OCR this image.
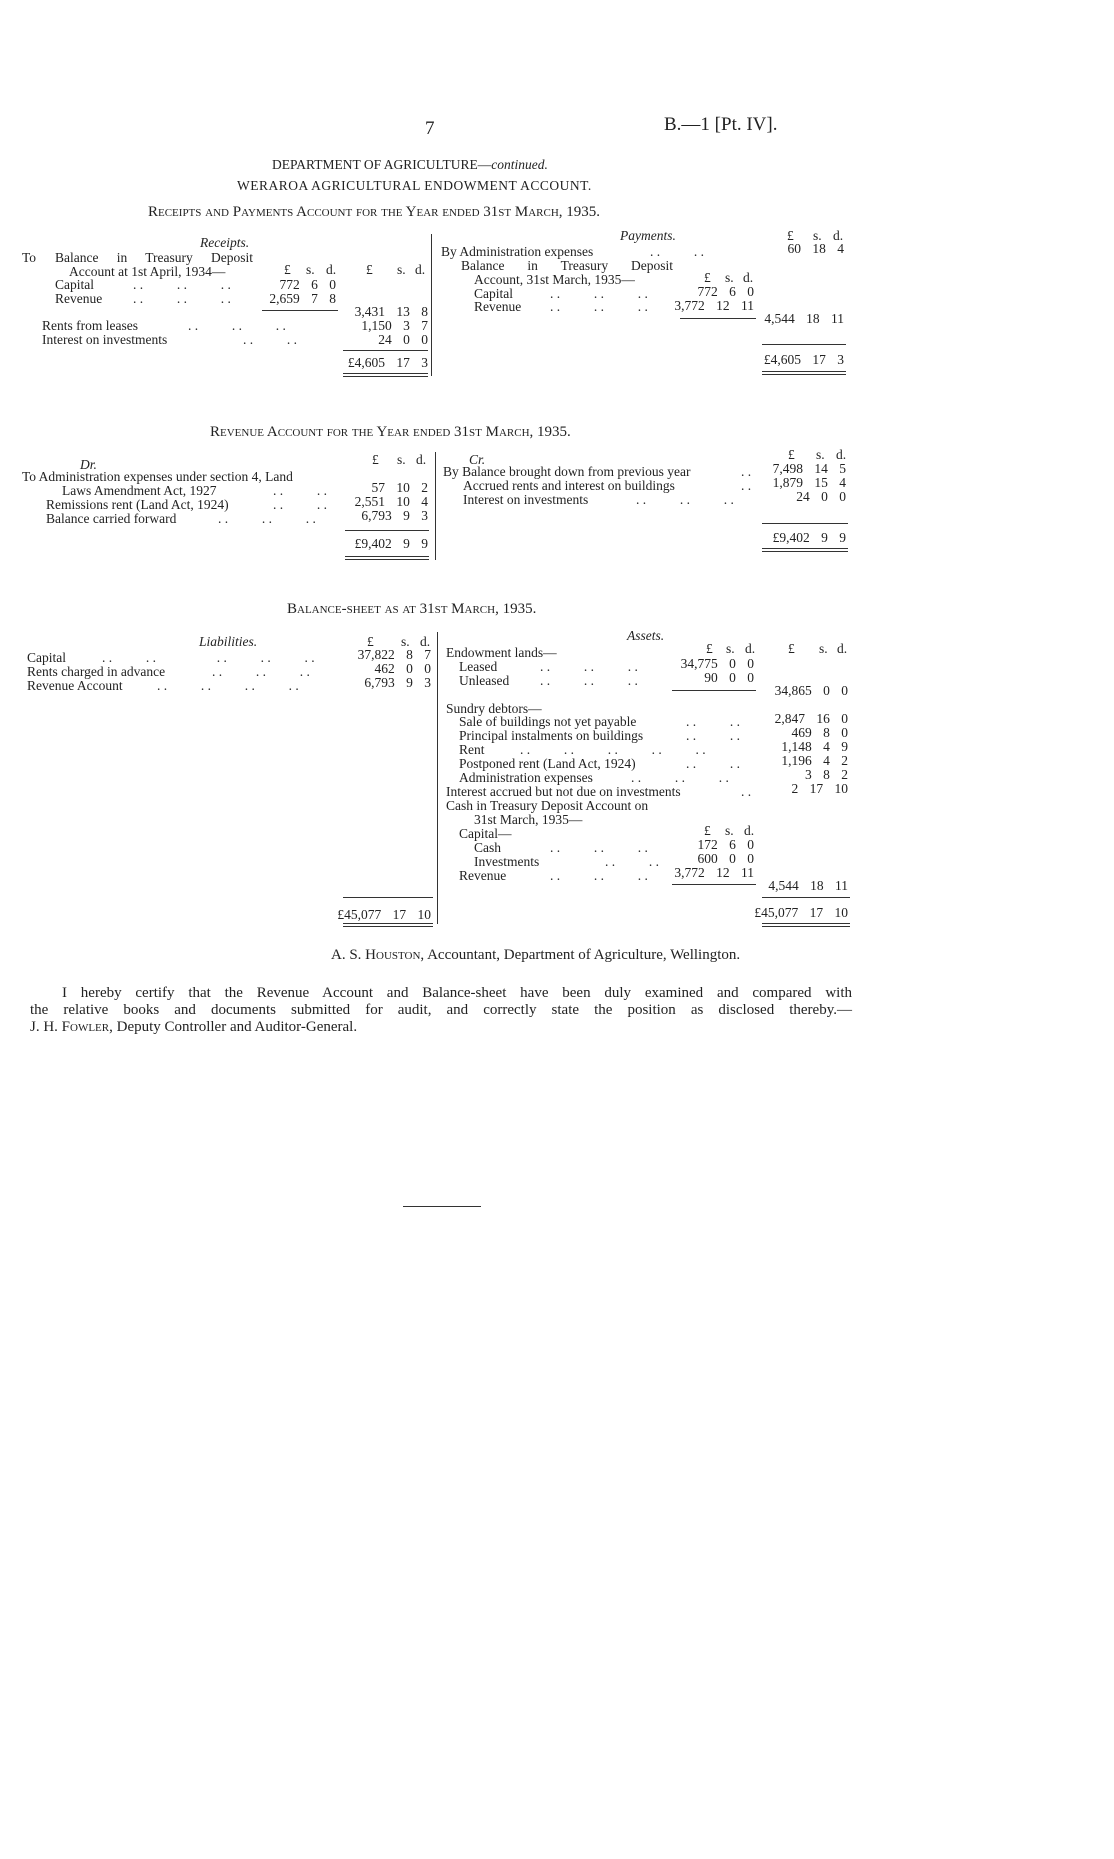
7	B.—1 [Pt. IV].
DEPARTMENT OF AGRICULTURE—continued.
WERAROA AGRICULTURAL ENDOWMENT ACCOUNT.
Receipts and Payments Account for the Year ended 31st March, 1935.
Receipts.
To Balance in Treasury Deposit
Account at 1st April, 1934—	£ s. d. £ s. d.
Capital	. .          . .          . .	772 6 0
Revenue . .          . .          . .	2,659 7 8
3,431 13 8
Rents from leases	. .          . .          . .	1,150 3 7
Interest on investments	. .          . .	24 0 0
£4,605 17 3
Payments.	£ s. d.
By Administration expenses	. .          . .	60 18 4
Balance in Treasury Deposit
Account, 31st March, 1935—	£ s. d.
Capital	. .          . .          . .	772 6 0
Revenue . .          . .          . .	3,772 12 11
4,544 18 11
£4,605 17 3
Revenue Account for the Year ended 31st March, 1935.
Dr.	£ s. d.
To Administration expenses under section 4, Land
Laws Amendment Act, 1927	. .          . .	57 10 2
Remissions rent (Land Act, 1924)	. .          . .	2,551 10 4
Balance carried forward	. .          . .          . .	6,793 9 3
£9,402 9 9
Cr.	£ s. d.
By Balance brought down from previous year	. .	7,498 14 5
Accrued rents and interest on buildings	. .	1,879 15 4
Interest on investments	. .          . .          . .	24 0 0
£9,402 9 9
Balance-sheet as at 31st March, 1935.
Liabilities.	£ s. d.
Capital	. .          . .                  . .          . .          . .	37,822 8 7
Rents charged in advance	. .          . .          . .	462 0 0
Revenue Account	. .          . .          . .          . .	6,793 9 3
£45,077 17 10
Assets.
£ s. d. £ s. d.
Endowment lands—
Leased	. .          . .          . .	34,775 0 0
Unleased . .          . .          . .	90 0 0
34,865 0 0
Sundry debtors—
Sale of buildings not yet payable	. .          . .	2,847 16 0
Principal instalments on buildings	. .          . .	469 8 0
Rent	. .          . .          . .          . .          . .	1,148 4 9
Postponed rent (Land Act, 1924)	. .          . .	1,196 4 2
Administration expenses	. .          . .          . .	3 8 2
Interest accrued but not due on investments	. .	2 17 10
Cash in Treasury Deposit Account on
31st March, 1935—
Capital—	£ s. d.
Cash	. .          . .          . .	172 6 0
Investments	. .          . .	600 0 0
Revenue	. .          . .          . .	3,772 12 11
4,544 18 11
£45,077 17 10
A. S. Houston, Accountant, Department of Agriculture, Wellington.
I hereby certify that the Revenue Account and Balance-sheet have been duly examined and compared with
the relative books and documents submitted for audit, and correctly state the position as disclosed thereby.—
J. H. Fowler, Deputy Controller and Auditor-General.
